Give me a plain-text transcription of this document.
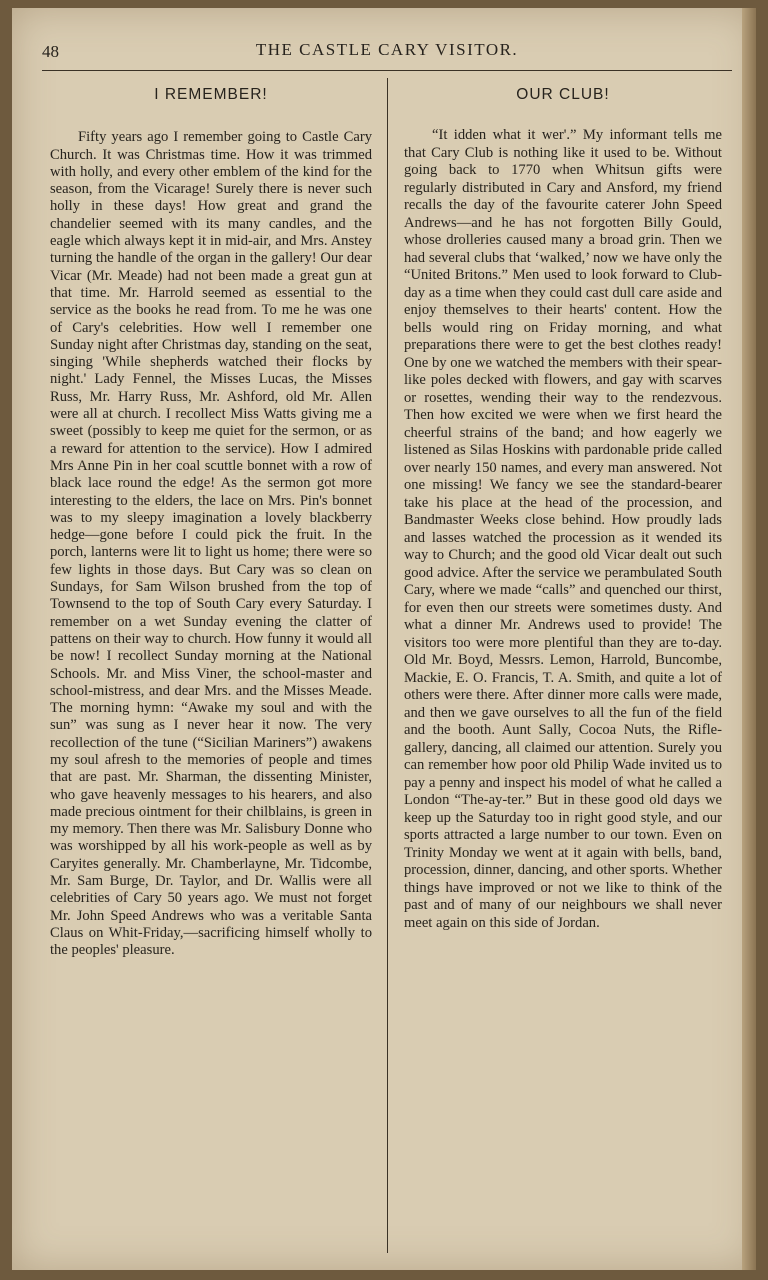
48	THE CASTLE CARY VISITOR.
I REMEMBER!

Fifty years ago I remember going to Castle Cary Church. It was Christmas time. How it was trimmed with holly, and every other emblem of the kind for the season, from the Vicarage! Surely there is never such holly in these days! How great and grand the chandelier seemed with its many candles, and the eagle which always kept it in mid-air, and Mrs. Anstey turning the handle of the organ in the gallery! Our dear Vicar (Mr. Meade) had not been made a great gun at that time. Mr. Harrold seemed as essential to the service as the books he read from. To me he was one of Cary's celebrities. How well I remember one Sunday night after Christmas day, standing on the seat, singing 'While shepherds watched their flocks by night.' Lady Fennel, the Misses Lucas, the Misses Russ, Mr. Harry Russ, Mr. Ashford, old Mr. Allen were all at church. I recollect Miss Watts giving me a sweet (possibly to keep me quiet for the sermon, or as a reward for attention to the service). How I admired Mrs Anne Pin in her coal scuttle bonnet with a row of black lace round the edge! As the sermon got more interesting to the elders, the lace on Mrs. Pin's bonnet was to my sleepy imagination a lovely blackberry hedge—gone before I could pick the fruit. In the porch, lanterns were lit to light us home; there were so few lights in those days. But Cary was so clean on Sundays, for Sam Wilson brushed from the top of Townsend to the top of South Cary every Saturday. I remember on a wet Sunday evening the clatter of pattens on their way to church. How funny it would all be now! I recollect Sunday morning at the National Schools. Mr. and Miss Viner, the school-master and school-mistress, and dear Mrs. and the Misses Meade. The morning hymn: “Awake my soul and with the sun” was sung as I never hear it now. The very recollection of the tune (“Sicilian Mariners”) awakens my soul afresh to the memories of people and times that are past. Mr. Sharman, the dissenting Minister, who gave heavenly messages to his hearers, and also made precious ointment for their chilblains, is green in my memory. Then there was Mr. Salisbury Donne who was worshipped by all his work-people as well as by Caryites generally. Mr. Chamberlayne, Mr. Tidcombe, Mr. Sam Burge, Dr. Taylor, and Dr. Wallis were all celebrities of Cary 50 years ago. We must not forget Mr. John Speed Andrews who was a veritable Santa Claus on Whit-Friday,—sacrificing himself wholly to the peoples' pleasure.

OUR CLUB!

“It idden what it wer'.” My informant tells me that Cary Club is nothing like it used to be. Without going back to 1770 when Whitsun gifts were regularly distributed in Cary and Ansford, my friend recalls the day of the favourite caterer John Speed Andrews—and he has not forgotten Billy Gould, whose drolleries caused many a broad grin. Then we had several clubs that ‘walked,’ now we have only the “United Britons.” Men used to look forward to Club-day as a time when they could cast dull care aside and enjoy themselves to their hearts' content. How the bells would ring on Friday morning, and what preparations there were to get the best clothes ready! One by one we watched the members with their spear-like poles decked with flowers, and gay with scarves or rosettes, wending their way to the rendezvous. Then how excited we were when we first heard the cheerful strains of the band; and how eagerly we listened as Silas Hoskins with pardonable pride called over nearly 150 names, and every man answered. Not one missing! We fancy we see the standard-bearer take his place at the head of the procession, and Bandmaster Weeks close behind. How proudly lads and lasses watched the procession as it wended its way to Church; and the good old Vicar dealt out such good advice. After the service we perambulated South Cary, where we made “calls” and quenched our thirst, for even then our streets were sometimes dusty. And what a dinner Mr. Andrews used to provide! The visitors too were more plentiful than they are to-day. Old Mr. Boyd, Messrs. Lemon, Harrold, Buncombe, Mackie, E. O. Francis, T. A. Smith, and quite a lot of others were there. After dinner more calls were made, and then we gave ourselves to all the fun of the field and the booth. Aunt Sally, Cocoa Nuts, the Rifle-gallery, dancing, all claimed our attention. Surely you can remember how poor old Philip Wade invited us to pay a penny and inspect his model of what he called a London “The-ay-ter.” But in these good old days we keep up the Saturday too in right good style, and our sports attracted a large number to our town. Even on Trinity Monday we went at it again with bells, band, procession, dinner, dancing, and other sports. Whether things have improved or not we like to think of the past and of many of our neighbours we shall never meet again on this side of Jordan.
